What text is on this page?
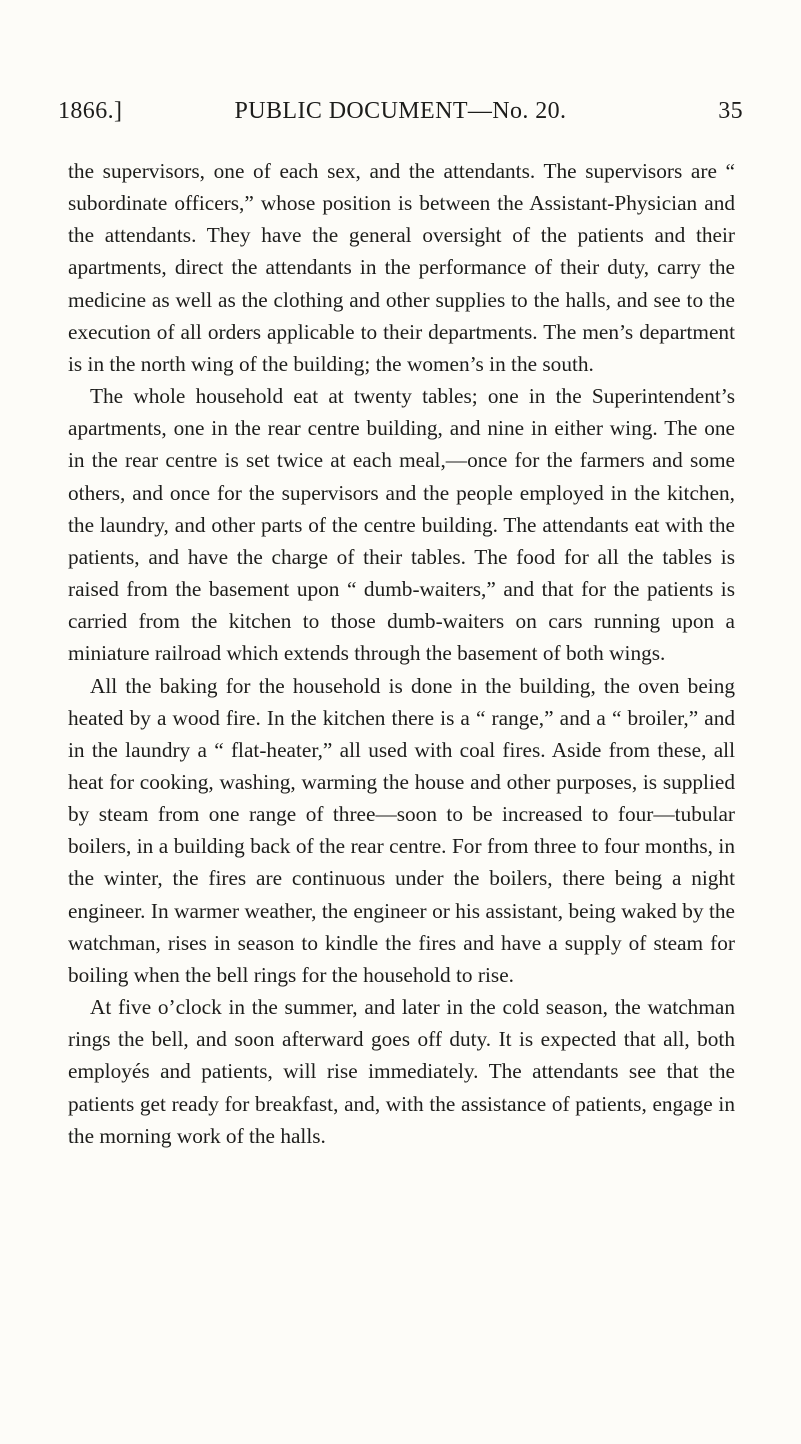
1866.]	PUBLIC DOCUMENT—No. 20.	35

the supervisors, one of each sex, and the attendants. The supervisors are “ subordinate officers,” whose position is between the Assistant-Physician and the attendants. They have the general oversight of the patients and their apartments, direct the attendants in the performance of their duty, carry the medicine as well as the clothing and other supplies to the halls, and see to the execution of all orders applicable to their departments. The men’s department is in the north wing of the building; the women’s in the south.

The whole household eat at twenty tables; one in the Superintendent’s apartments, one in the rear centre building, and nine in either wing. The one in the rear centre is set twice at each meal,—once for the farmers and some others, and once for the supervisors and the people employed in the kitchen, the laundry, and other parts of the centre building. The attendants eat with the patients, and have the charge of their tables. The food for all the tables is raised from the basement upon “ dumb-waiters,” and that for the patients is carried from the kitchen to those dumb-waiters on cars running upon a miniature railroad which extends through the basement of both wings.

All the baking for the household is done in the building, the oven being heated by a wood fire. In the kitchen there is a “ range,” and a “ broiler,” and in the laundry a “ flat-heater,” all used with coal fires. Aside from these, all heat for cooking, washing, warming the house and other purposes, is supplied by steam from one range of three—soon to be increased to four—tubular boilers, in a building back of the rear centre. For from three to four months, in the winter, the fires are continuous under the boilers, there being a night engineer. In warmer weather, the engineer or his assistant, being waked by the watchman, rises in season to kindle the fires and have a supply of steam for boiling when the bell rings for the household to rise.

At five o’clock in the summer, and later in the cold season, the watchman rings the bell, and soon afterward goes off duty. It is expected that all, both employés and patients, will rise immediately. The attendants see that the patients get ready for breakfast, and, with the assistance of patients, engage in the morning work of the halls.
